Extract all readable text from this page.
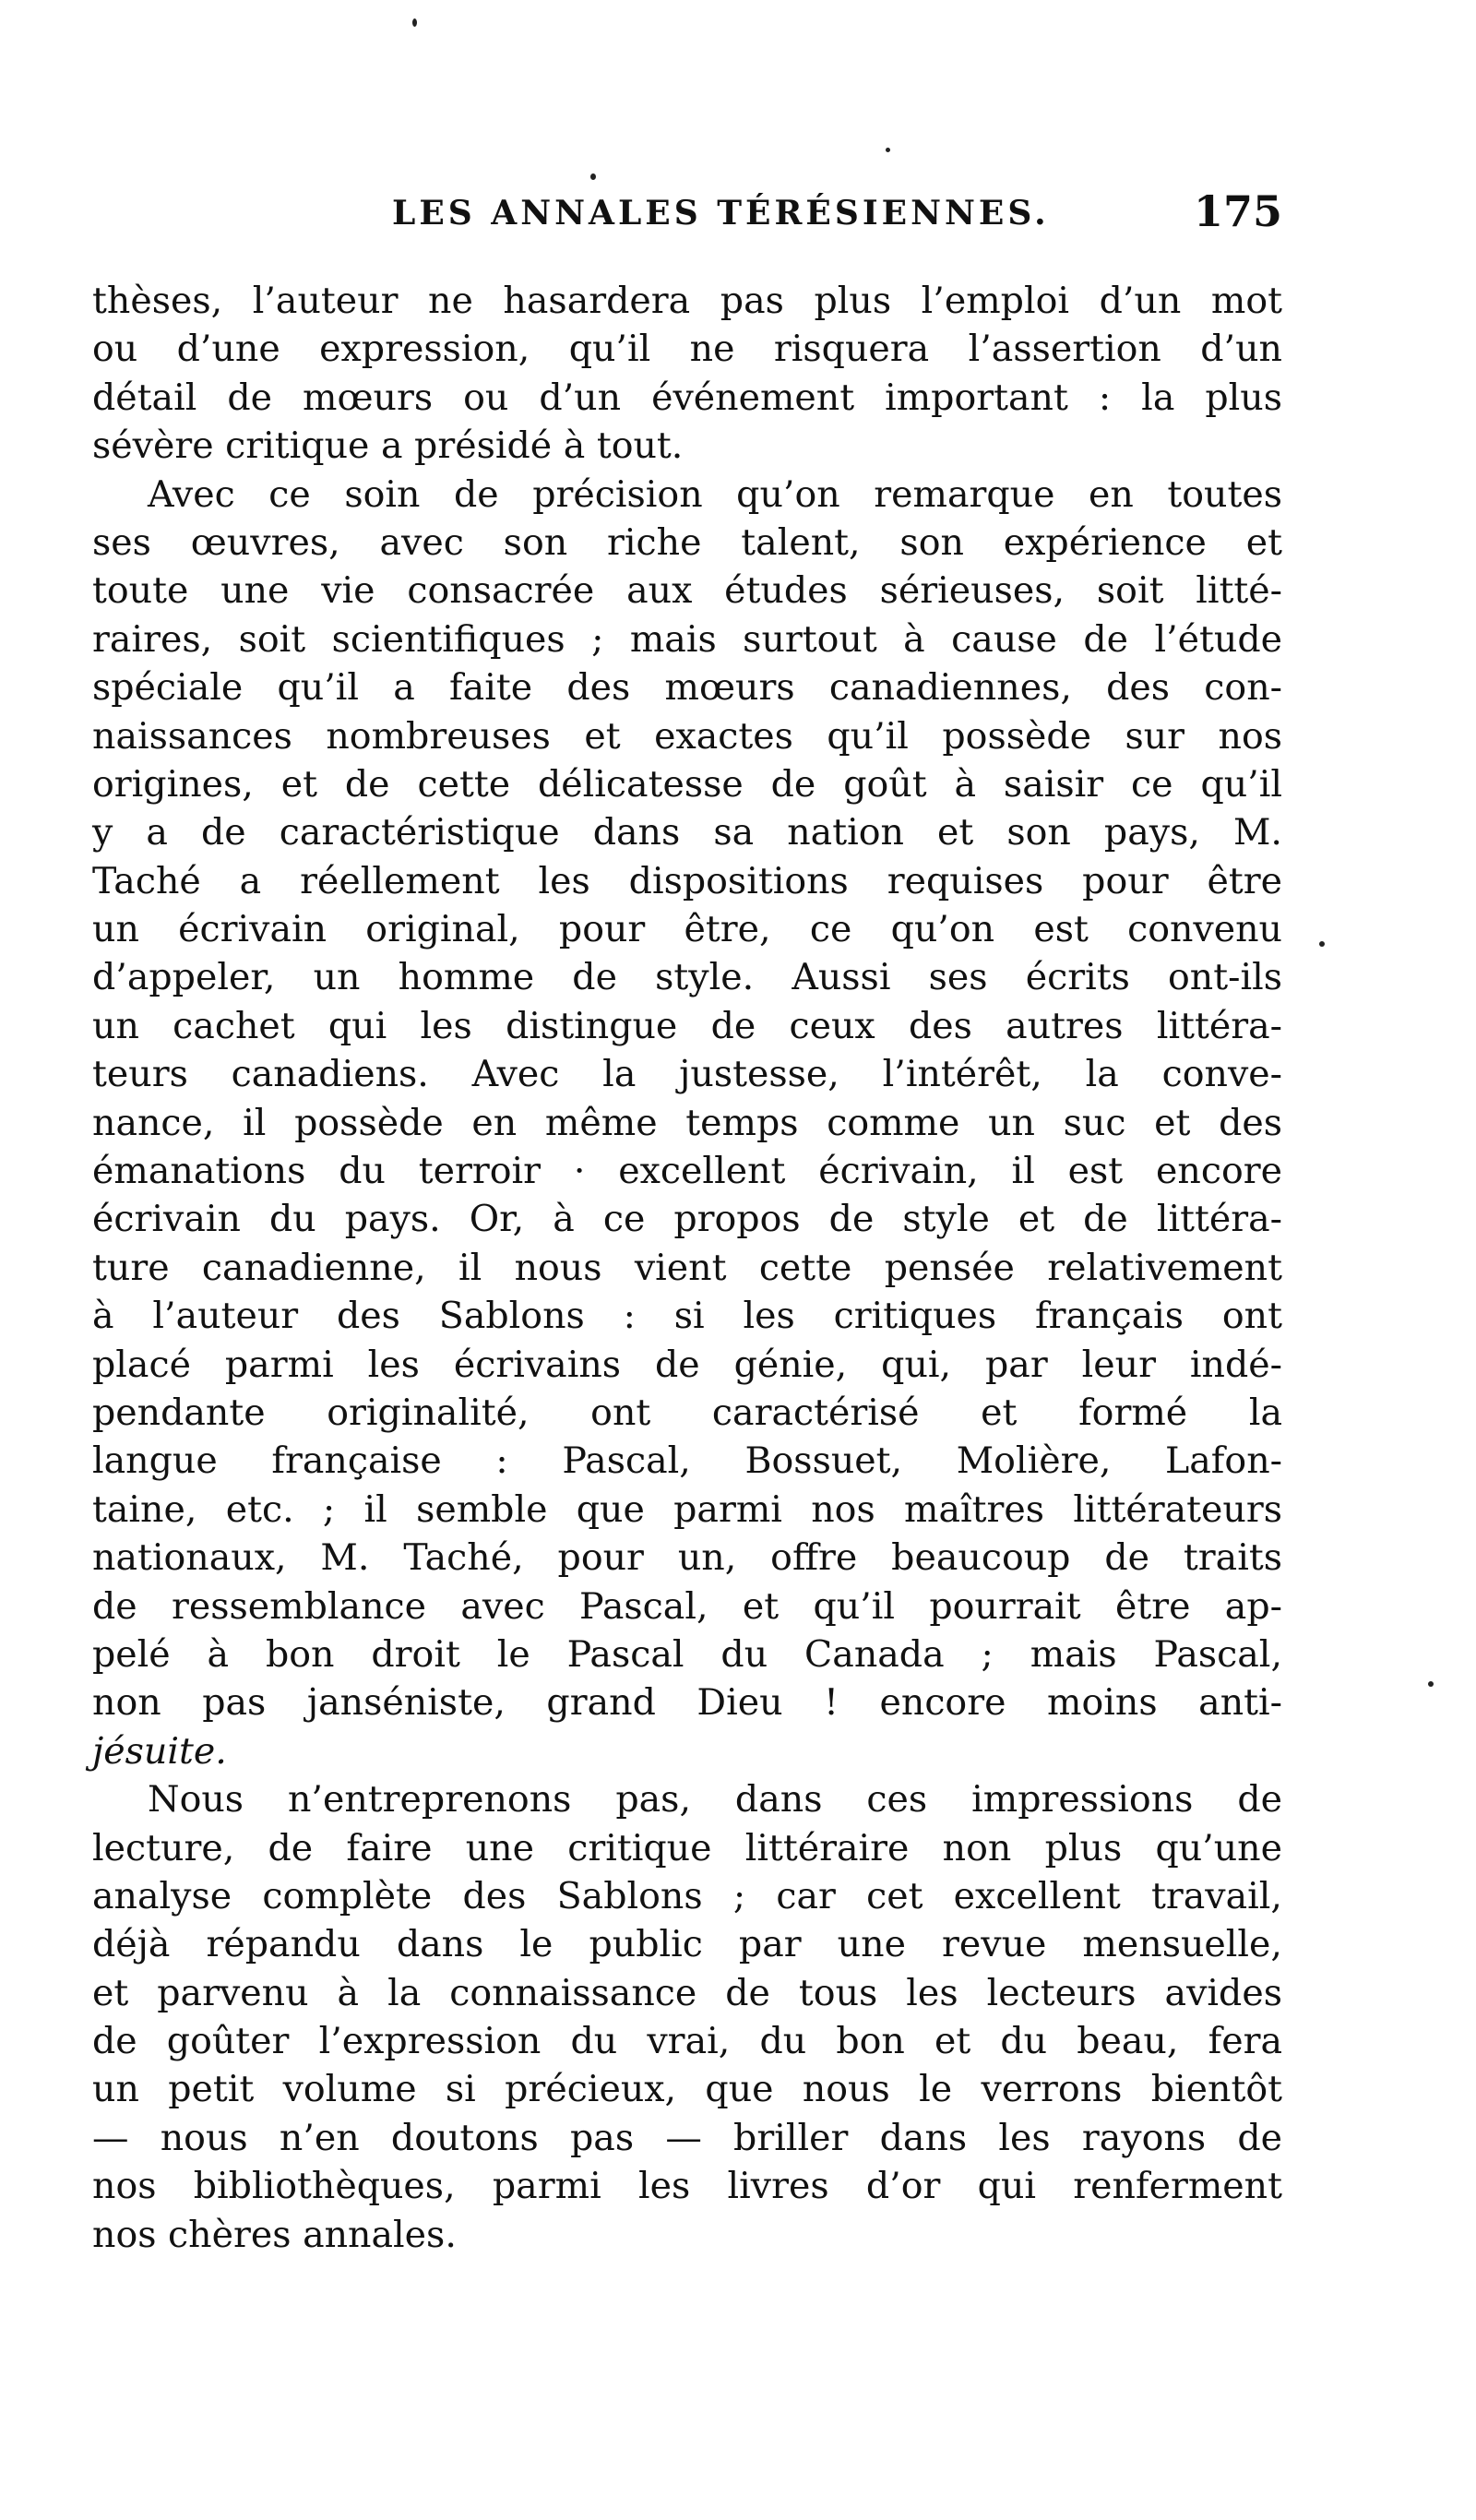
LES ANNALES TÉRÉSIENNES.	175
thèses, l’auteur ne hasardera pas plus l’emploi d’un mot
ou d’une expression, qu’il ne risquera l’assertion d’un
détail de mœurs ou d’un événement important : la plus
sévère critique a présidé à tout.
Avec ce soin de précision qu’on remarque en toutes
ses œuvres, avec son riche talent, son expérience et
toute une vie consacrée aux études sérieuses, soit litté-
raires, soit scientifiques ; mais surtout à cause de l’étude
spéciale qu’il a faite des mœurs canadiennes, des con-
naissances nombreuses et exactes qu’il possède sur nos
origines, et de cette délicatesse de goût à saisir ce qu’il
y a de caractéristique dans sa nation et son pays, M.
Taché a réellement les dispositions requises pour être
un écrivain original, pour être, ce qu’on est convenu
d’appeler, un homme de style. Aussi ses écrits ont-ils
un cachet qui les distingue de ceux des autres littéra-
teurs canadiens. Avec la justesse, l’intérêt, la conve-
nance, il possède en même temps comme un suc et des
émanations du terroir · excellent écrivain, il est encore
écrivain du pays. Or, à ce propos de style et de littéra-
ture canadienne, il nous vient cette pensée relativement
à l’auteur des Sablons : si les critiques français ont
placé parmi les écrivains de génie, qui, par leur indé-
pendante originalité, ont caractérisé et formé la
langue française : Pascal, Bossuet, Molière, Lafon-
taine, etc. ; il semble que parmi nos maîtres littérateurs
nationaux, M. Taché, pour un, offre beaucoup de traits
de ressemblance avec Pascal, et qu’il pourrait être ap-
pelé à bon droit le Pascal du Canada ; mais Pascal,
non pas janséniste, grand Dieu ! encore moins anti-
jésuite.
Nous n’entreprenons pas, dans ces impressions de
lecture, de faire une critique littéraire non plus qu’une
analyse complète des Sablons ; car cet excellent travail,
déjà répandu dans le public par une revue mensuelle,
et parvenu à la connaissance de tous les lecteurs avides
de goûter l’expression du vrai, du bon et du beau, fera
un petit volume si précieux, que nous le verrons bientôt
— nous n’en doutons pas — briller dans les rayons de
nos bibliothèques, parmi les livres d’or qui renferment
nos chères annales.
